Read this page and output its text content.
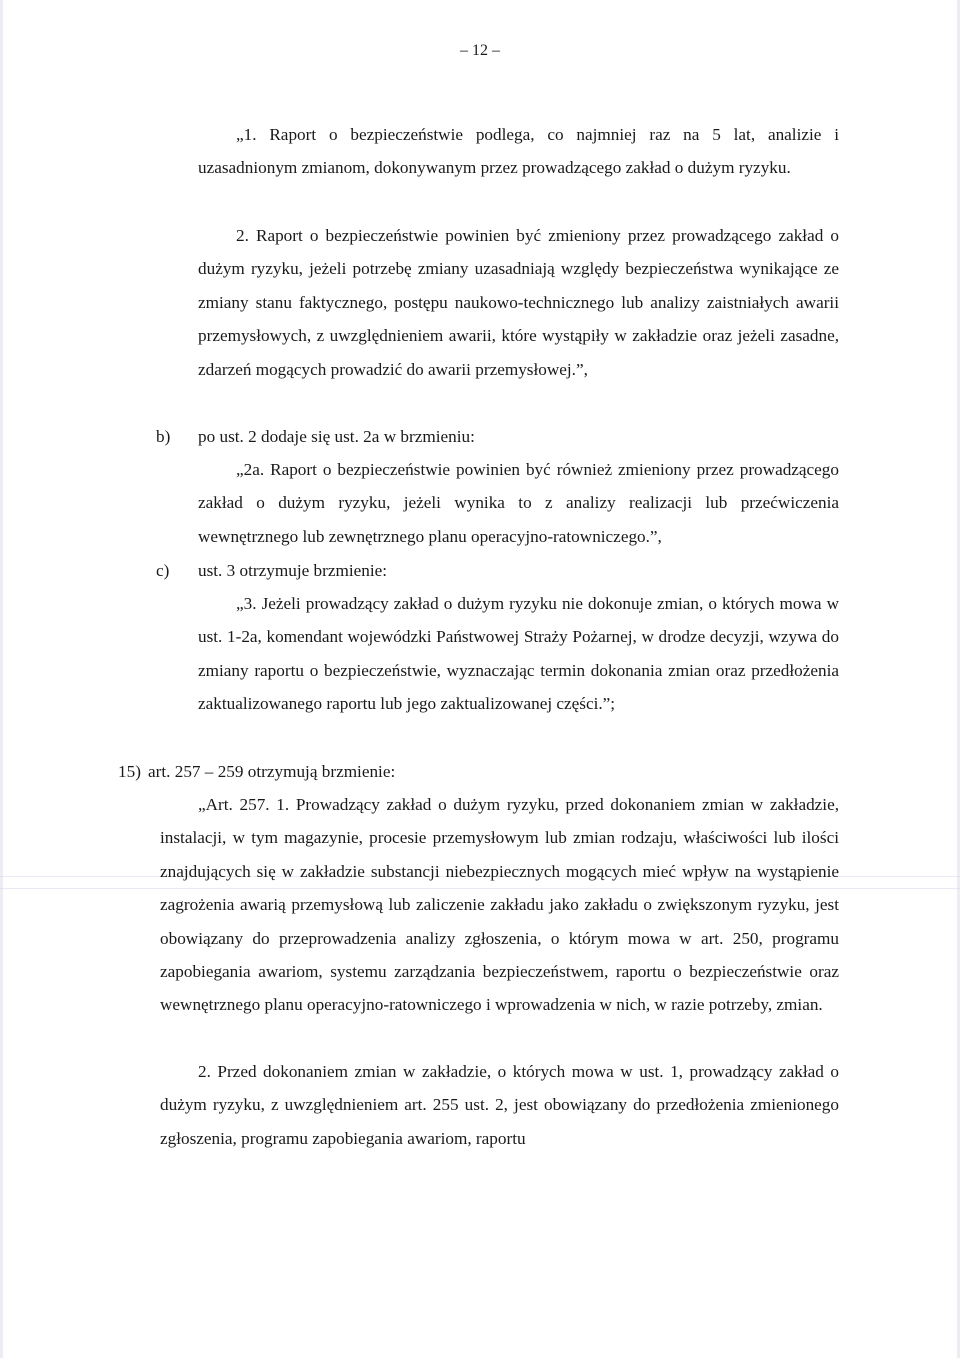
– 12 –

„1. Raport o bezpieczeństwie podlega, co najmniej raz na 5 lat, analizie i uzasadnionym zmianom, dokonywanym przez prowadzącego zakład o dużym ryzyku.

2. Raport o bezpieczeństwie powinien być zmieniony przez prowadzącego zakład o dużym ryzyku, jeżeli potrzebę zmiany uzasadniają względy bezpieczeństwa wynikające ze zmiany stanu faktycznego, postępu naukowo-technicznego lub analizy zaistniałych awarii przemysłowych, z uwzględnieniem awarii, które wystąpiły w zakładzie oraz jeżeli zasadne, zdarzeń mogących prowadzić do awarii przemysłowej.”,

b) po ust. 2 dodaje się ust. 2a w brzmieniu:

„2a. Raport o bezpieczeństwie powinien być również zmieniony przez prowadzącego zakład o dużym ryzyku, jeżeli wynika to z analizy realizacji lub przećwiczenia wewnętrznego lub zewnętrznego planu operacyjno-ratowniczego.”,

c) ust. 3 otrzymuje brzmienie:

„3. Jeżeli prowadzący zakład o dużym ryzyku nie dokonuje zmian, o których mowa w ust. 1-2a, komendant wojewódzki Państwowej Straży Pożarnej, w drodze decyzji, wzywa do zmiany raportu o bezpieczeństwie, wyznaczając termin dokonania zmian oraz przedłożenia zaktualizowanego raportu lub jego zaktualizowanej części.”;

15) art. 257 – 259 otrzymują brzmienie:

„Art. 257. 1. Prowadzący zakład o dużym ryzyku, przed dokonaniem zmian w zakładzie, instalacji, w tym magazynie, procesie przemysłowym lub zmian rodzaju, właściwości lub ilości znajdujących się w zakładzie substancji niebezpiecznych mogących mieć wpływ na wystąpienie zagrożenia awarią przemysłową lub zaliczenie zakładu jako zakładu o zwiększonym ryzyku, jest obowiązany do przeprowadzenia analizy zgłoszenia, o którym mowa w art. 250, programu zapobiegania awariom, systemu zarządzania bezpieczeństwem, raportu o bezpieczeństwie oraz wewnętrznego planu operacyjno-ratowniczego i wprowadzenia w nich, w razie potrzeby, zmian.

2. Przed dokonaniem zmian w zakładzie, o których mowa w ust. 1, prowadzący zakład o dużym ryzyku, z uwzględnieniem art. 255 ust. 2, jest obowiązany do przedłożenia zmienionego zgłoszenia, programu zapobiegania awariom, raportu
